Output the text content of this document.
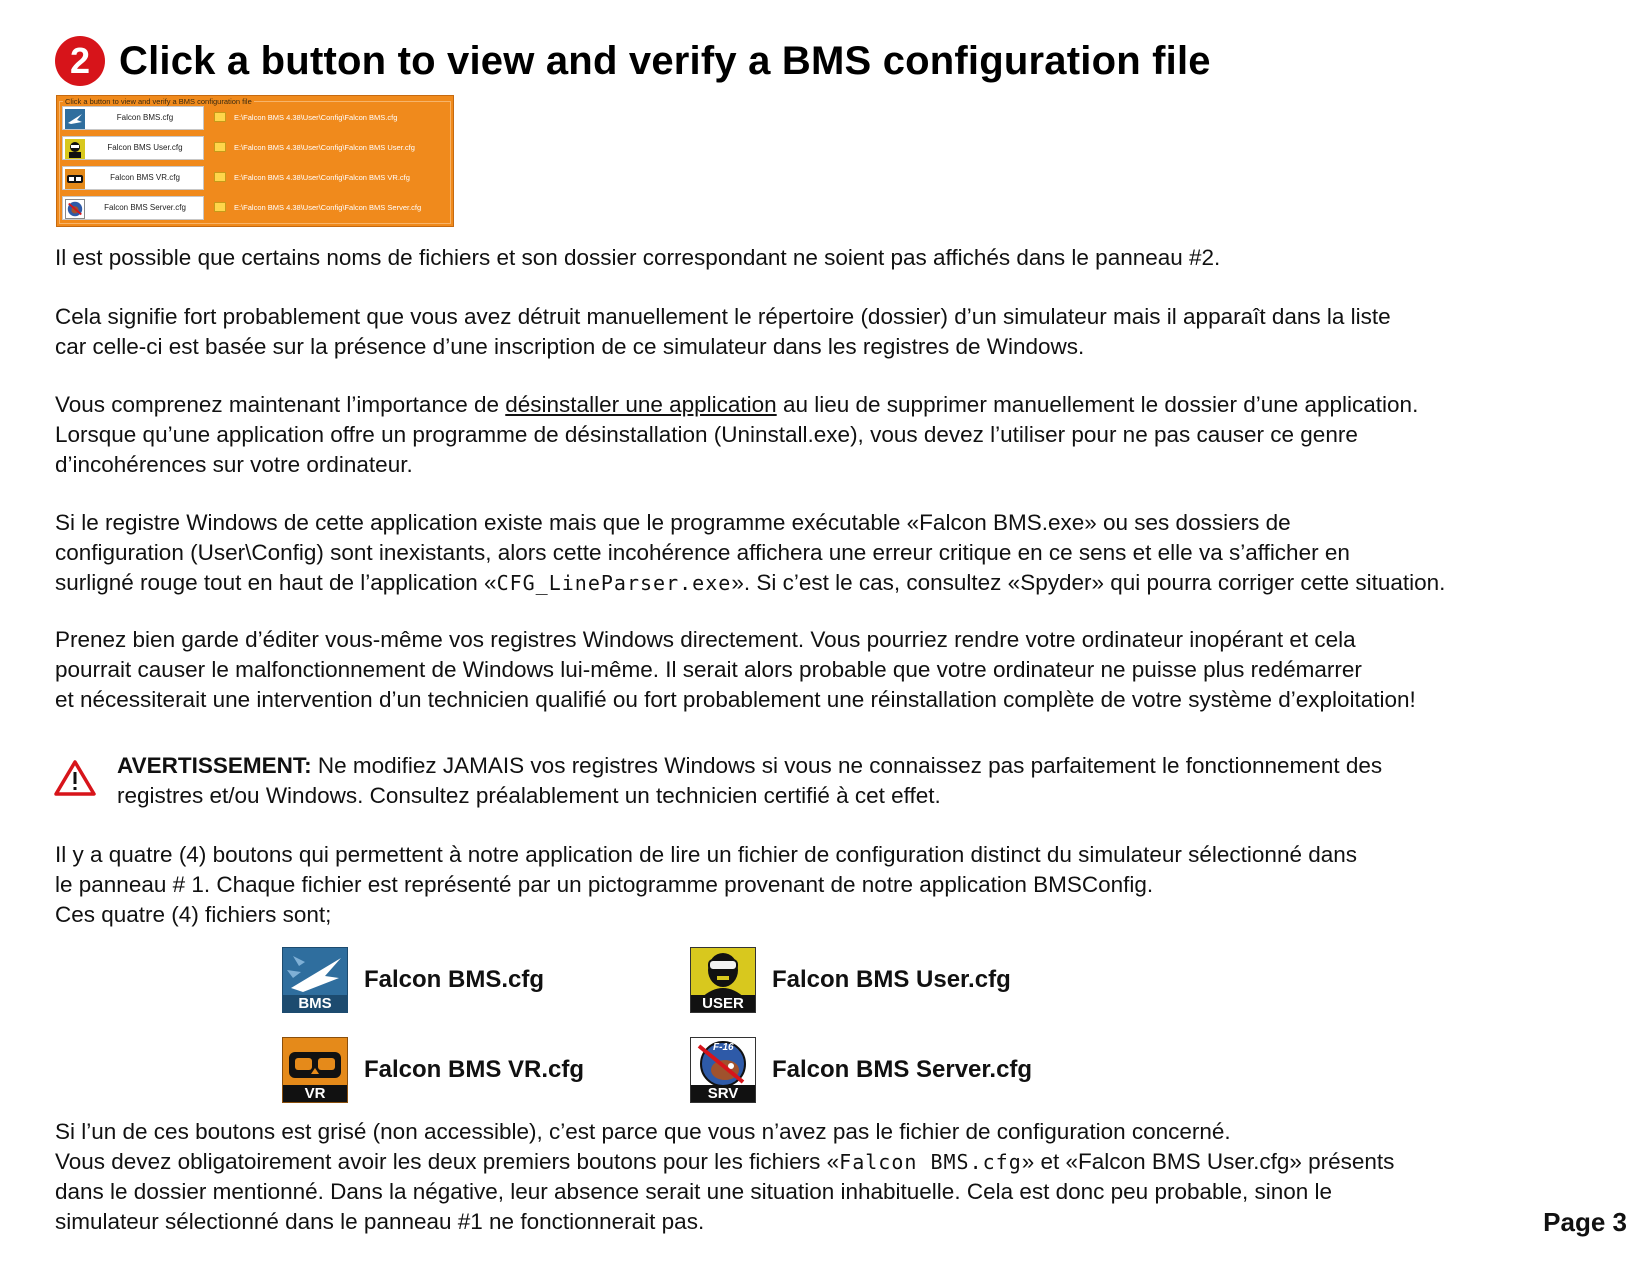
2 Click a button to view and verify a BMS configuration file
Click a button to view and verify a BMS configuration file
Falcon BMS.cfg	E:\Falcon BMS 4.38\User\Config\Falcon BMS.cfg
Falcon BMS User.cfg	E:\Falcon BMS 4.38\User\Config\Falcon BMS User.cfg
Falcon BMS VR.cfg	E:\Falcon BMS 4.38\User\Config\Falcon BMS VR.cfg
Falcon BMS Server.cfg	E:\Falcon BMS 4.38\User\Config\Falcon BMS Server.cfg

Il est possible que certains noms de fichiers et son dossier correspondant ne soient pas affichés dans le panneau #2.

Cela signifie fort probablement que vous avez détruit manuellement le répertoire (dossier) d’un simulateur mais il apparaît dans la liste
car celle-ci est basée sur la présence d’une inscription de ce simulateur dans les registres de Windows.

Vous comprenez maintenant l’importance de désinstaller une application au lieu de supprimer manuellement le dossier d’une application.
Lorsque qu’une application offre un programme de désinstallation (Uninstall.exe), vous devez l’utiliser pour ne pas causer ce genre
d’incohérences sur votre ordinateur.

Si le registre Windows de cette application existe mais que le programme exécutable «Falcon BMS.exe» ou ses dossiers de
configuration (User\Config) sont inexistants, alors cette incohérence affichera une erreur critique en ce sens et elle va s’afficher en
surligné rouge tout en haut de l’application «CFG_LineParser.exe». Si c’est le cas, consultez «Spyder» qui pourra corriger cette situation.

Prenez bien garde d’éditer vous-même vos registres Windows directement. Vous pourriez rendre votre ordinateur inopérant et cela
pourrait causer le malfonctionnement de Windows lui-même. Il serait alors probable que votre ordinateur ne puisse plus redémarrer
et nécessiterait une intervention d’un technicien qualifié ou fort probablement une réinstallation complète de votre système d’exploitation!

AVERTISSEMENT: Ne modifiez JAMAIS vos registres Windows si vous ne connaissez pas parfaitement le fonctionnement des
registres et/ou Windows. Consultez préalablement un technicien certifié à cet effet.

Il y a quatre (4) boutons qui permettent à notre application de lire un fichier de configuration distinct du simulateur sélectionné dans
le panneau # 1. Chaque fichier est représenté par un pictogramme provenant de notre application BMSConfig.
Ces quatre (4) fichiers sont;

BMS
Falcon BMS.cfg
USER
Falcon BMS User.cfg
VR
Falcon BMS VR.cfg
F-16
SRV
Falcon BMS Server.cfg

Si l’un de ces boutons est grisé (non accessible), c’est parce que vous n’avez pas le fichier de configuration concerné.
Vous devez obligatoirement avoir les deux premiers boutons pour les fichiers «Falcon BMS.cfg» et «Falcon BMS User.cfg» présents
dans le dossier mentionné. Dans la négative, leur absence serait une situation inhabituelle. Cela est donc peu probable, sinon le
simulateur sélectionné dans le panneau #1 ne fonctionnerait pas.	Page 3
